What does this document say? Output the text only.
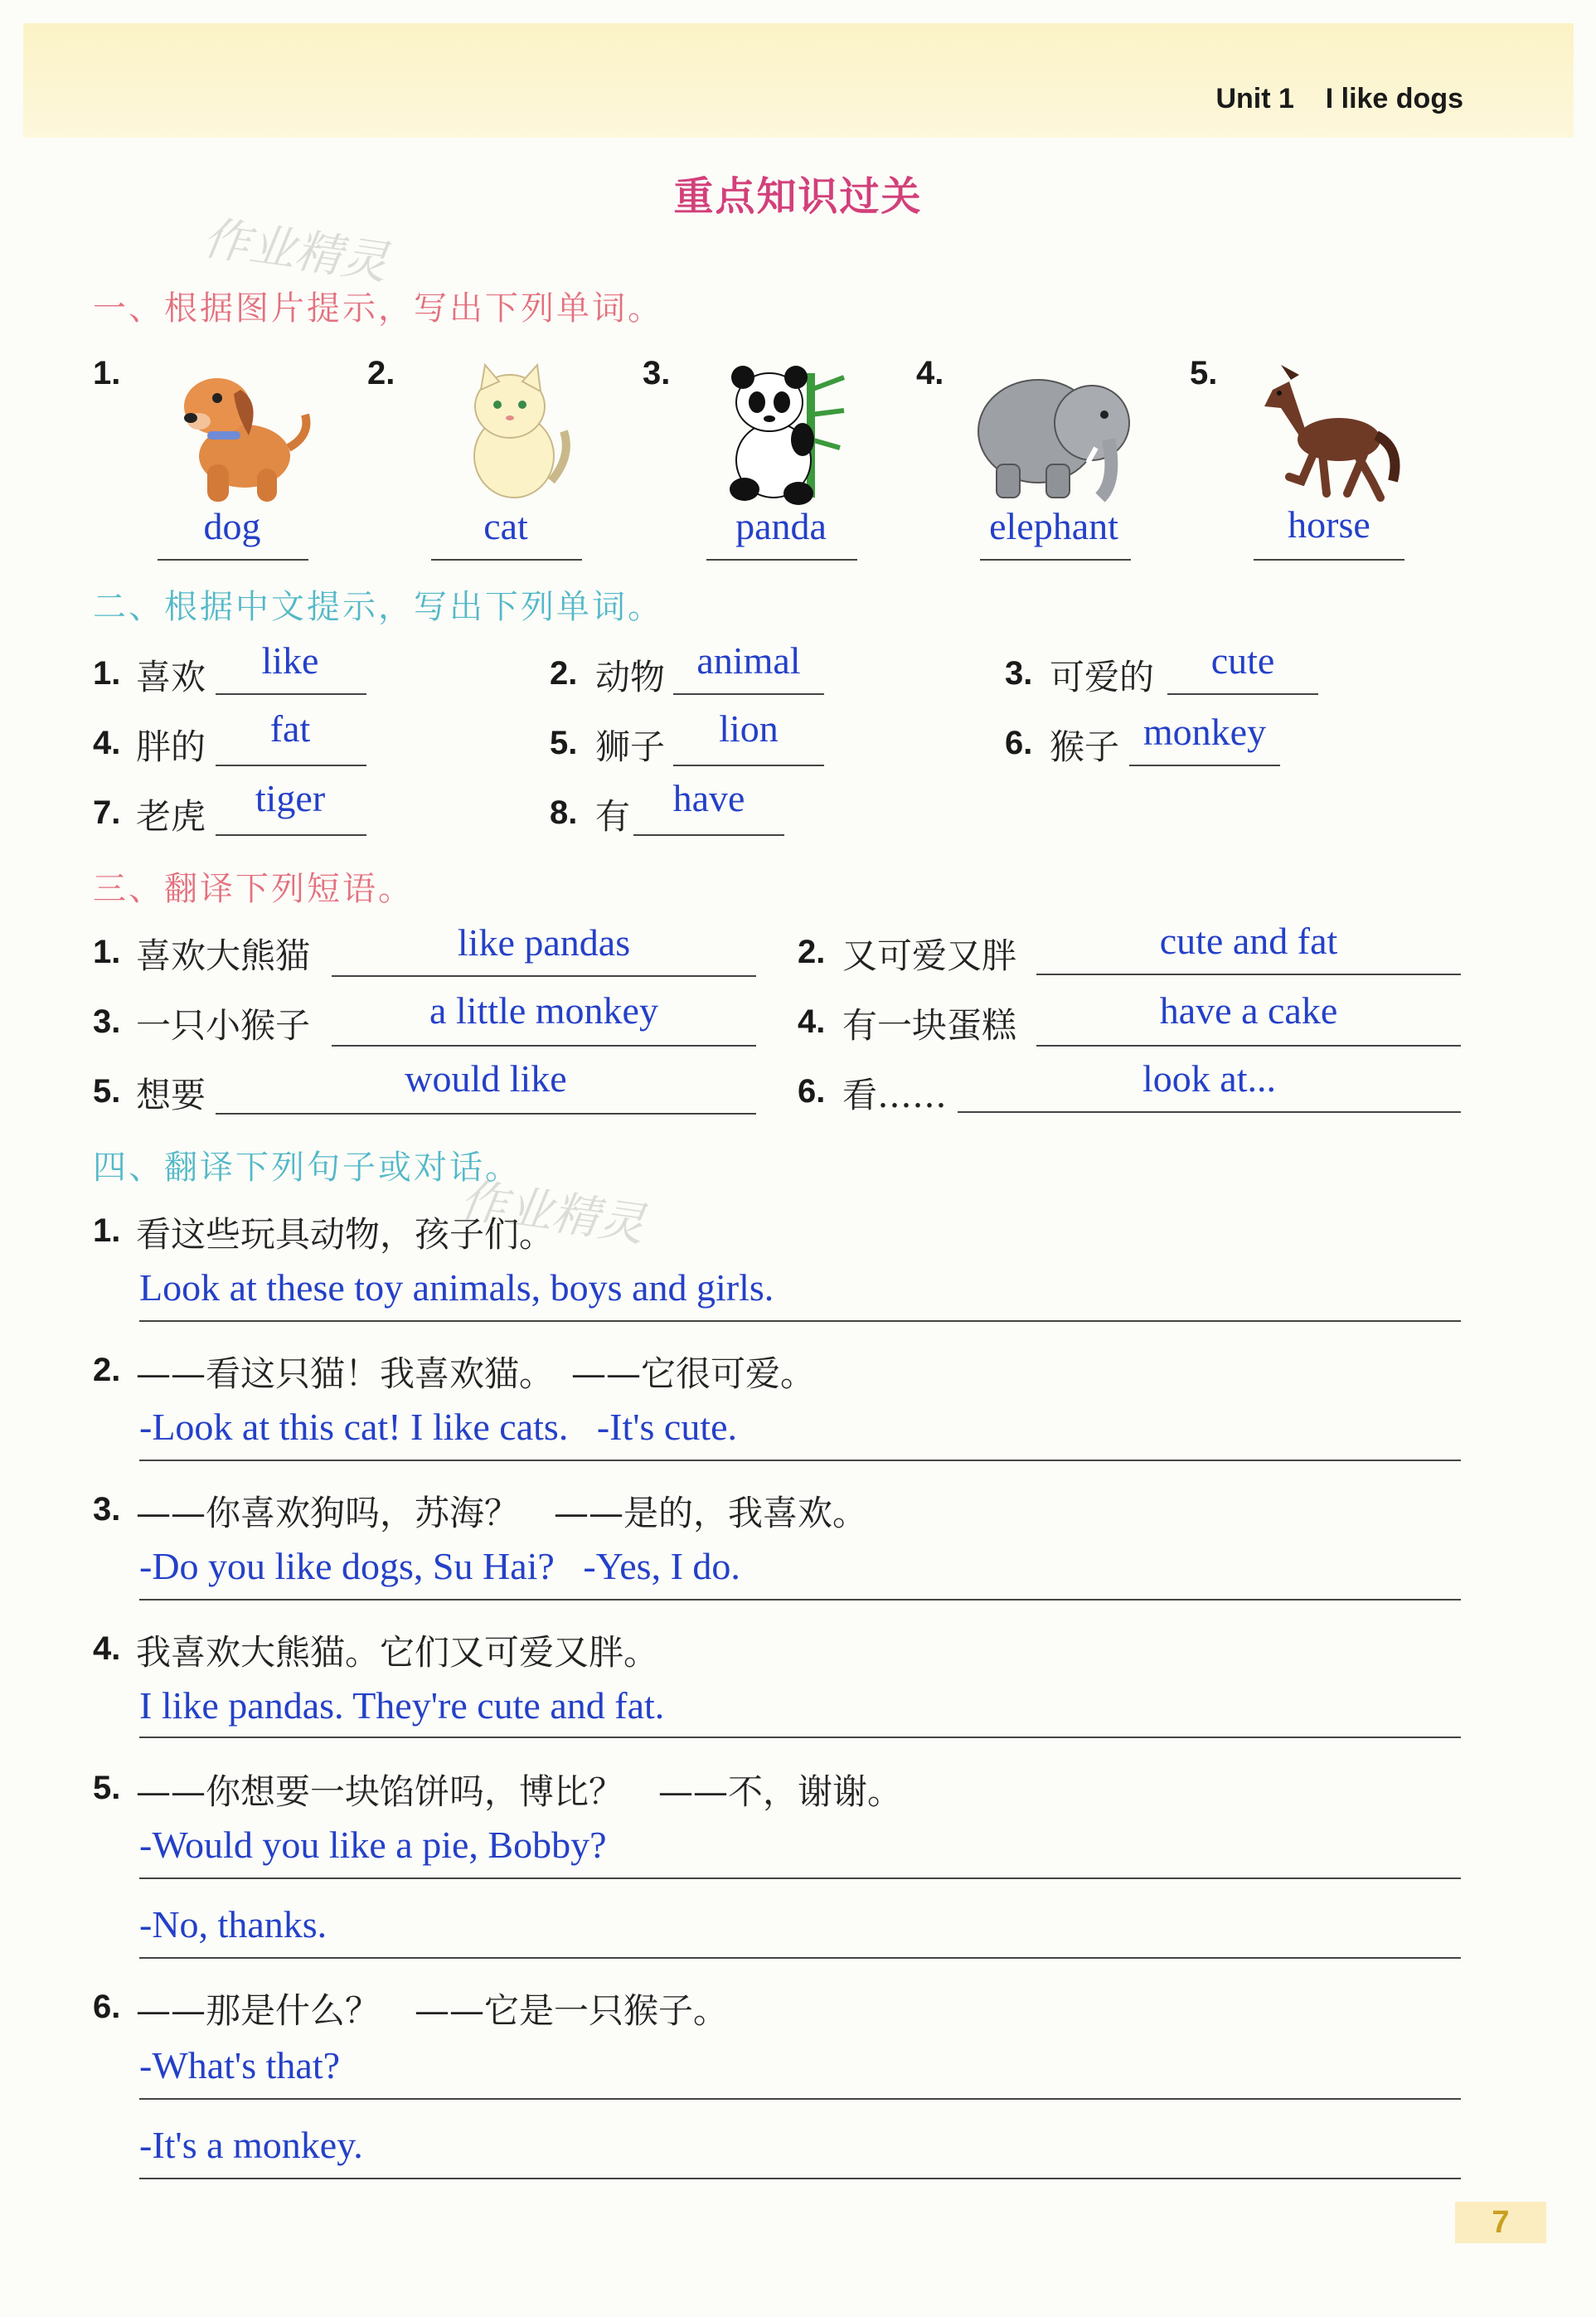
Unit 1 I like dogs
重点知识过关
作业精灵
作业精灵
一、根据图片提示，写出下列单词。
1.	2.	3.	4.	5.
dog	cat	panda	elephant	horse
二、根据中文提示，写出下列单词。
1. 喜欢	like	2. 动物 animal	3. 可爱的	cute
4. 胖的	fat	5. 狮子	lion	6. 猴子 monkey
7. 老虎	tiger	8. 有	have
三、翻译下列短语。
1. 喜欢大熊猫	like pandas	2. 又可爱又胖	cute and fat
3. 一只小猴子	a little monkey	4. 有一块蛋糕	have a cake
5. 想要	would like	6. 看……	look at...
四、翻译下列句子或对话。
1. 看这些玩具动物，孩子们。
Look at these toy animals, boys and girls.
2. ——看这只猫！我喜欢猫。　——它很可爱。
-Look at this cat! I like cats.   -It's cute.
3. ——你喜欢狗吗，苏海？　——是的，我喜欢。
-Do you like dogs, Su Hai?   -Yes, I do.
4. 我喜欢大熊猫。它们又可爱又胖。
I like pandas. They're cute and fat.
5. ——你想要一块馅饼吗，博比？　——不，谢谢。
-Would you like a pie, Bobby?
-No, thanks.
6. ——那是什么？　——它是一只猴子。
-What's that?
-It's a monkey.
7
